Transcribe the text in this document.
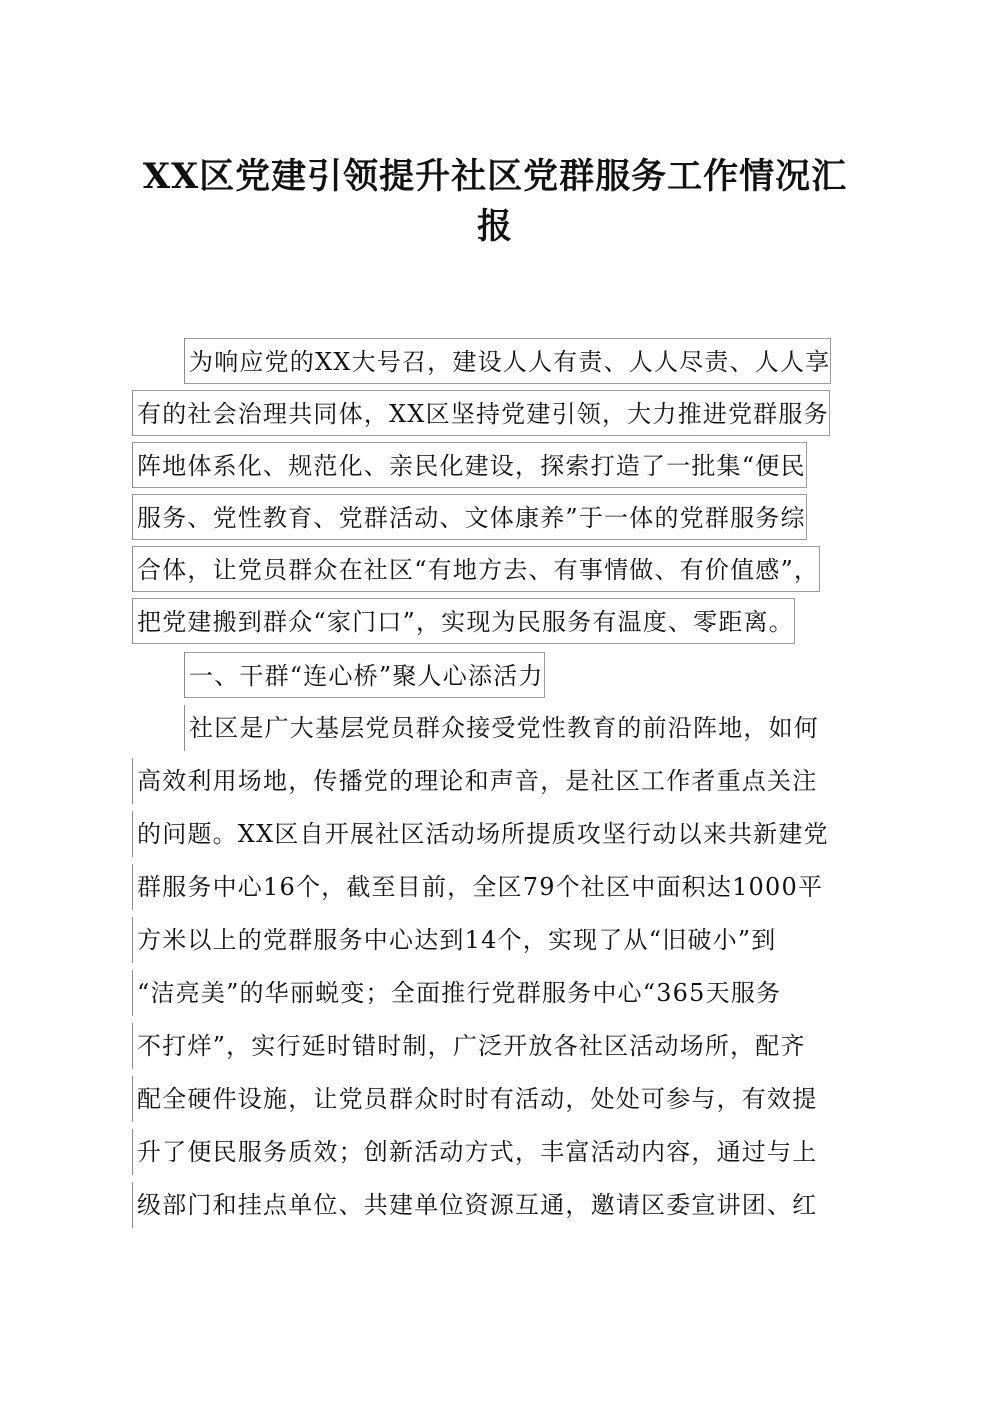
XX区党建引领提升社区党群服务工作情况汇
报
为响应党的XX大号召，建设人人有责、人人尽责、人人享
有的社会治理共同体，XX区坚持党建引领，大力推进党群服务
阵地体系化、规范化、亲民化建设，探索打造了一批集“便民
服务、党性教育、党群活动、文体康养”于一体的党群服务综
合体，让党员群众在社区“有地方去、有事情做、有价值感”，
把党建搬到群众“家门口”，实现为民服务有温度、零距离。
一、干群“连心桥”聚人心添活力
社区是广大基层党员群众接受党性教育的前沿阵地，如何
高效利用场地，传播党的理论和声音，是社区工作者重点关注
的问题。XX区自开展社区活动场所提质攻坚行动以来共新建党
群服务中心16个，截至目前，全区79个社区中面积达1000平
方米以上的党群服务中心达到14个，实现了从“旧破小”到
“洁亮美”的华丽蜕变；全面推行党群服务中心“365天服务
不打烊”，实行延时错时制，广泛开放各社区活动场所，配齐
配全硬件设施，让党员群众时时有活动，处处可参与，有效提
升了便民服务质效；创新活动方式，丰富活动内容，通过与上
级部门和挂点单位、共建单位资源互通，邀请区委宣讲团、红
